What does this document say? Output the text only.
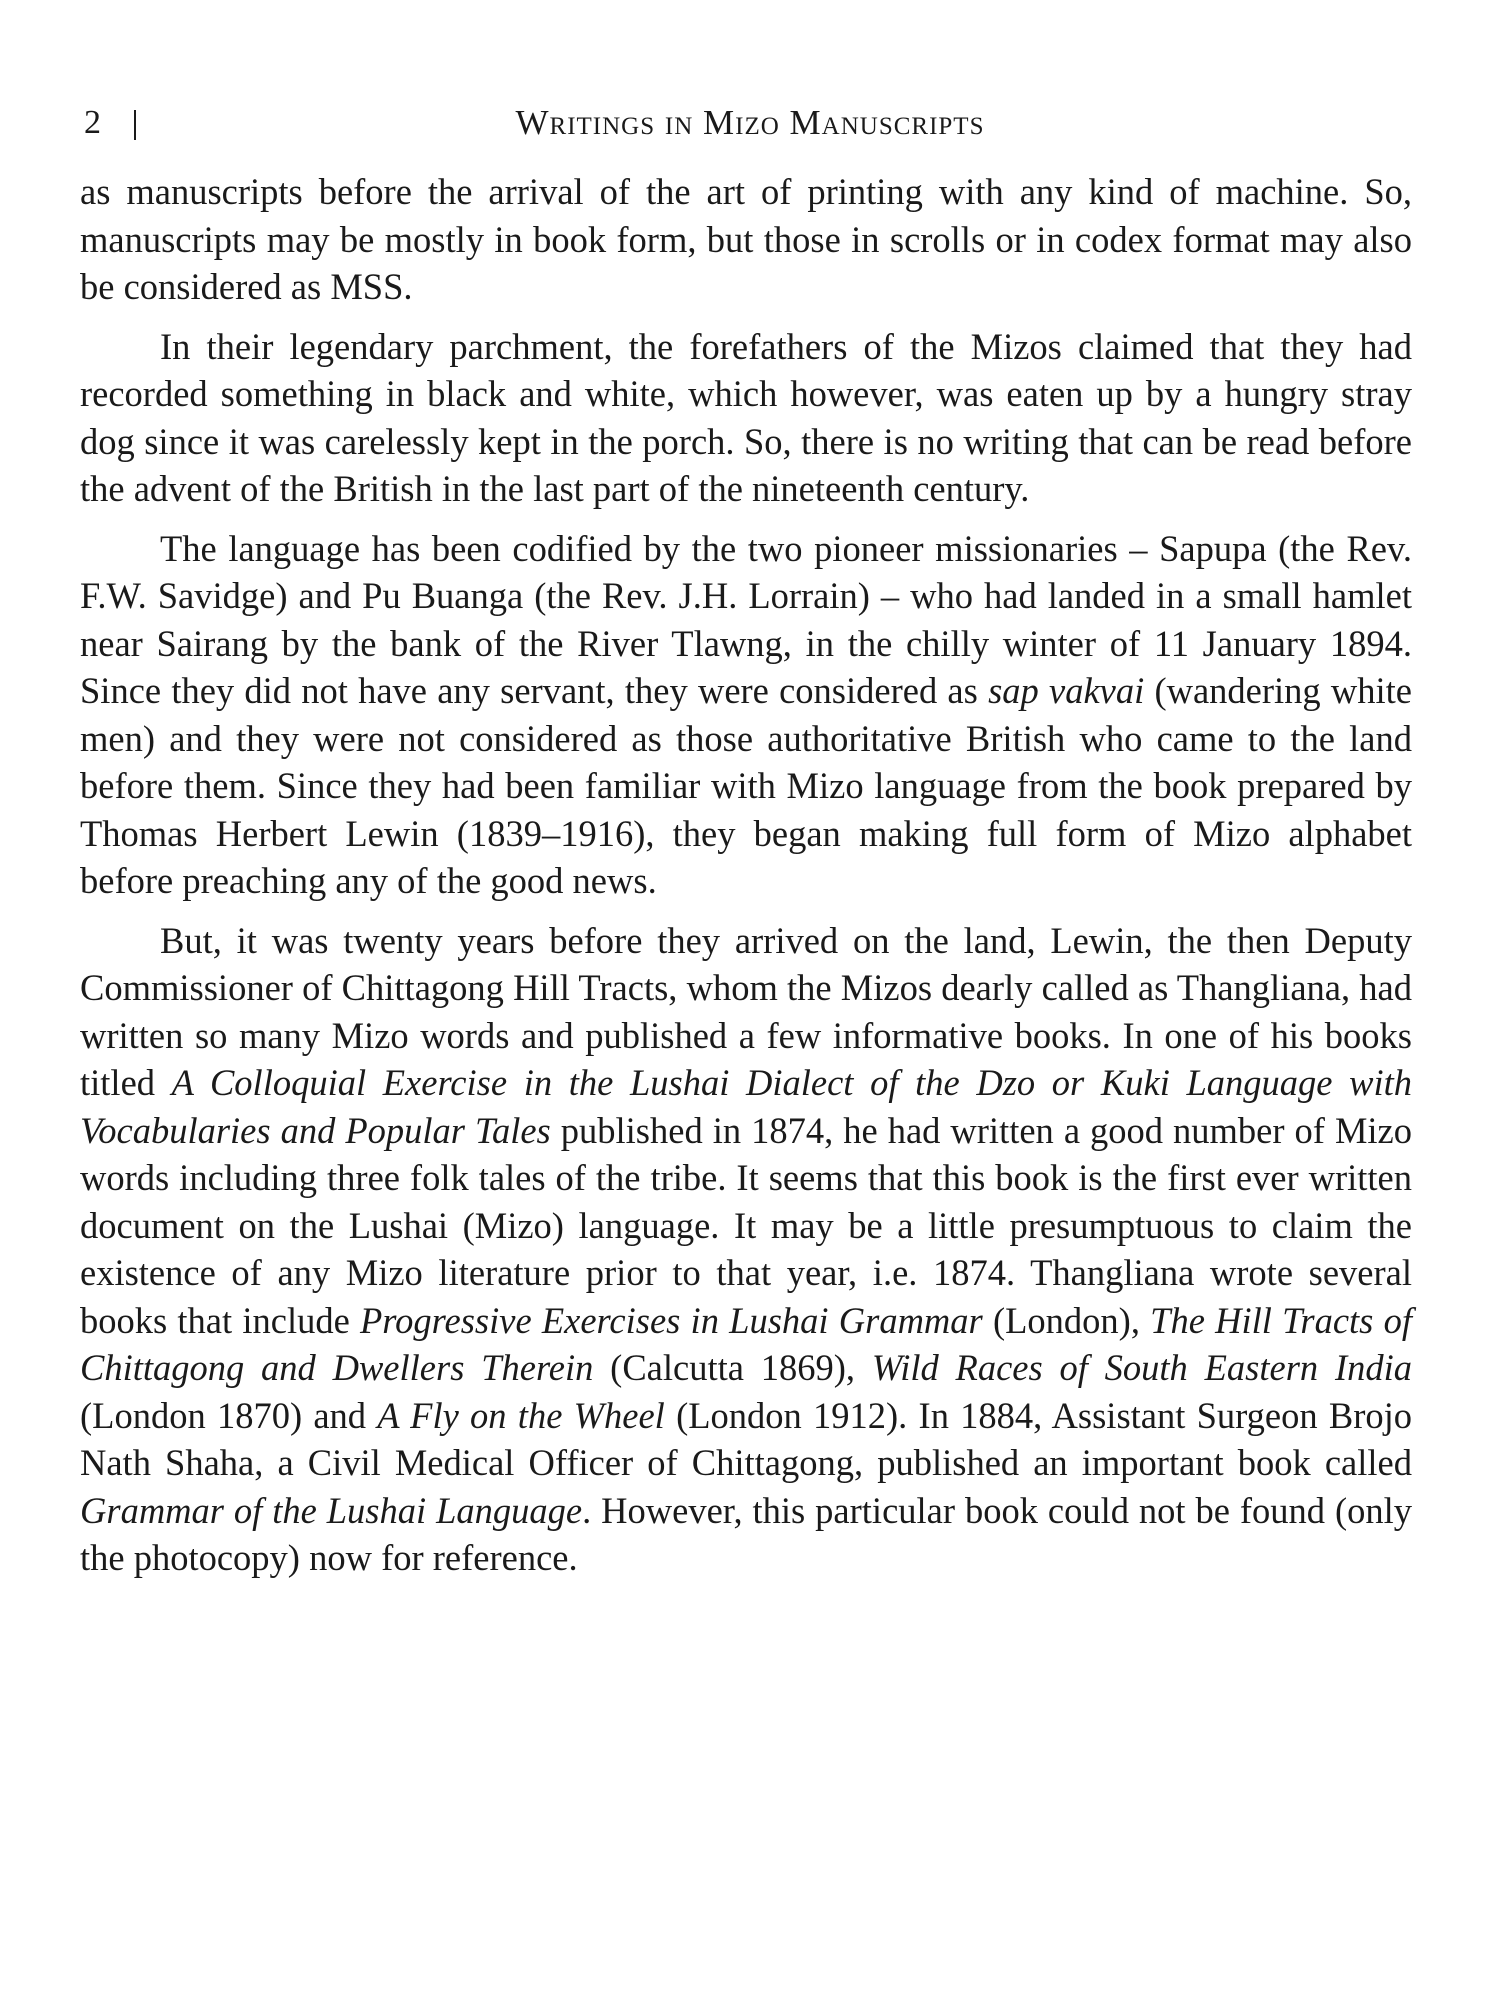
2	Writings in Mizo Manuscripts

as manuscripts before the arrival of the art of printing with any kind of machine. So, manuscripts may be mostly in book form, but those in scrolls or in codex format may also be considered as MSS.

In their legendary parchment, the forefathers of the Mizos claimed that they had recorded something in black and white, which however, was eaten up by a hungry stray dog since it was carelessly kept in the porch. So, there is no writing that can be read before the advent of the British in the last part of the nineteenth century.

The language has been codified by the two pioneer missionaries – Sapupa (the Rev. F.W. Savidge) and Pu Buanga (the Rev. J.H. Lorrain) – who had landed in a small hamlet near Sairang by the bank of the River Tlawng, in the chilly winter of 11 January 1894. Since they did not have any servant, they were considered as sap vakvai (wandering white men) and they were not considered as those authoritative British who came to the land before them. Since they had been familiar with Mizo language from the book prepared by Thomas Herbert Lewin (1839–1916), they began making full form of Mizo alphabet before preaching any of the good news.

But, it was twenty years before they arrived on the land, Lewin, the then Deputy Commissioner of Chittagong Hill Tracts, whom the Mizos dearly called as Thangliana, had written so many Mizo words and published a few informative books. In one of his books titled A Colloquial Exercise in the Lushai Dialect of the Dzo or Kuki Language with Vocabularies and Popular Tales published in 1874, he had written a good number of Mizo words including three folk tales of the tribe. It seems that this book is the first ever written document on the Lushai (Mizo) language. It may be a little presumptuous to claim the existence of any Mizo literature prior to that year, i.e. 1874. Thangliana wrote several books that include Progressive Exercises in Lushai Grammar (London), The Hill Tracts of Chittagong and Dwellers Therein (Calcutta 1869), Wild Races of South Eastern India (London 1870) and A Fly on the Wheel (London 1912). In 1884, Assistant Surgeon Brojo Nath Shaha, a Civil Medical Officer of Chittagong, published an important book called Grammar of the Lushai Language. However, this particular book could not be found (only the photocopy) now for reference.
